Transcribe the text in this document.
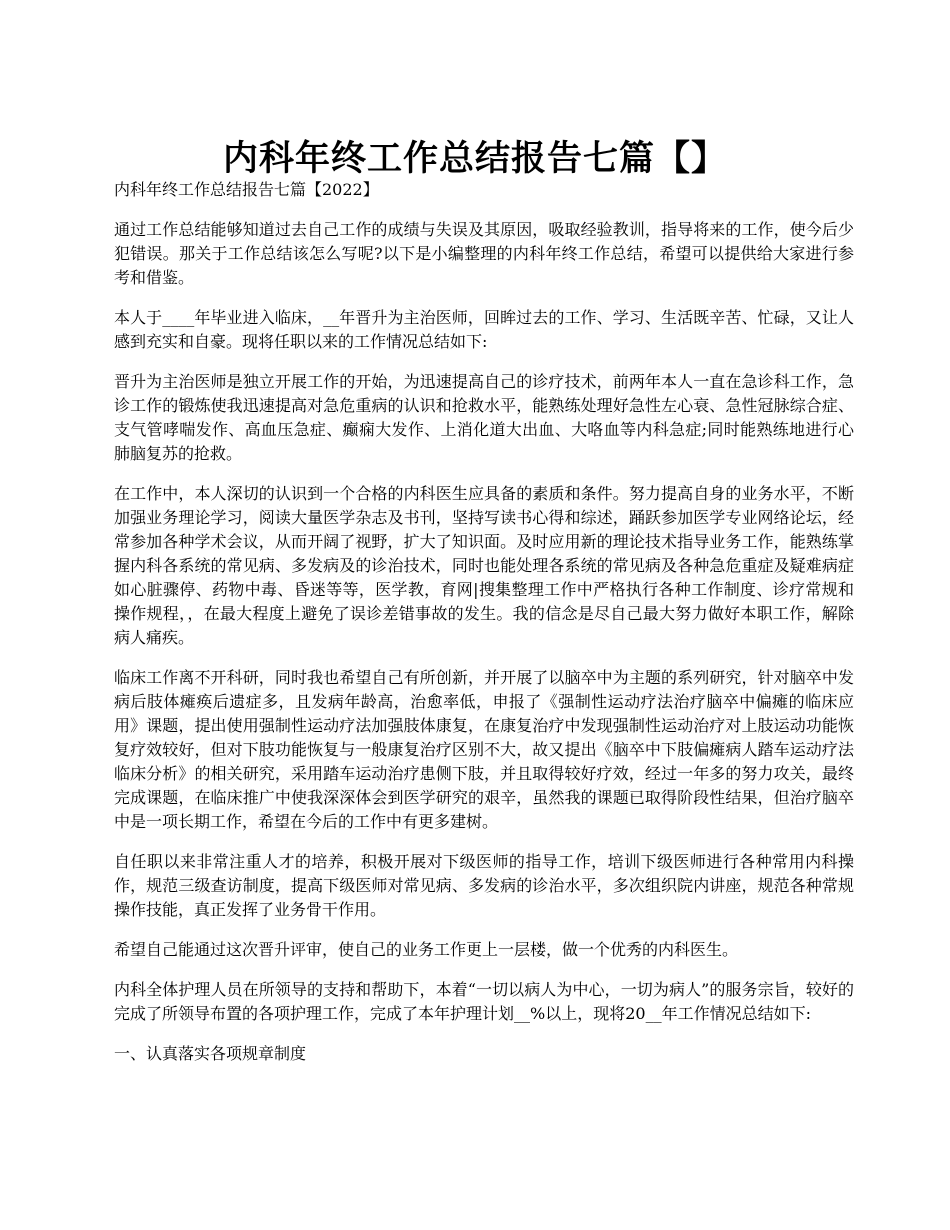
内科年终工作总结报告七篇【】

内科年终工作总结报告七篇【2022】

通过工作总结能够知道过去自己工作的成绩与失误及其原因，吸取经验教训，指导将来的工作，使今后少犯错误。那关于工作总结该怎么写呢?以下是小编整理的内科年终工作总结，希望可以提供给大家进行参考和借鉴。

本人于____年毕业进入临床，__年晋升为主治医师，回眸过去的工作、学习、生活既辛苦、忙碌，又让人感到充实和自豪。现将任职以来的工作情况总结如下:

晋升为主治医师是独立开展工作的开始，为迅速提高自己的诊疗技术，前两年本人一直在急诊科工作，急诊工作的锻炼使我迅速提高对急危重病的认识和抢救水平，能熟练处理好急性左心衰、急性冠脉综合症、支气管哮喘发作、高血压急症、癫痫大发作、上消化道大出血、大咯血等内科急症;同时能熟练地进行心肺脑复苏的抢救。

在工作中，本人深切的认识到一个合格的内科医生应具备的素质和条件。努力提高自身的业务水平，不断加强业务理论学习，阅读大量医学杂志及书刊，坚持写读书心得和综述，踊跃参加医学专业网络论坛，经常参加各种学术会议，从而开阔了视野，扩大了知识面。及时应用新的理论技术指导业务工作，能熟练掌握内科各系统的常见病、多发病及的诊治技术，同时也能处理各系统的常见病及各种急危重症及疑难病症如心脏骤停、药物中毒、昏迷等等，医学教，育网|搜集整理工作中严格执行各种工作制度、诊疗常规和操作规程，，在最大程度上避免了误诊差错事故的发生。我的信念是尽自己最大努力做好本职工作，解除病人痛疾。

临床工作离不开科研，同时我也希望自己有所创新，并开展了以脑卒中为主题的系列研究，针对脑卒中发病后肢体瘫痪后遗症多，且发病年龄高，治愈率低，申报了《强制性运动疗法治疗脑卒中偏瘫的临床应用》课题，提出使用强制性运动疗法加强肢体康复，在康复治疗中发现强制性运动治疗对上肢运动功能恢复疗效较好，但对下肢功能恢复与一般康复治疗区别不大，故又提出《脑卒中下肢偏瘫病人踏车运动疗法临床分析》的相关研究，采用踏车运动治疗患侧下肢，并且取得较好疗效，经过一年多的努力攻关，最终完成课题，在临床推广中使我深深体会到医学研究的艰辛，虽然我的课题已取得阶段性结果，但治疗脑卒中是一项长期工作，希望在今后的工作中有更多建树。

自任职以来非常注重人才的培养，积极开展对下级医师的指导工作，培训下级医师进行各种常用内科操作，规范三级查访制度，提高下级医师对常见病、多发病的诊治水平，多次组织院内讲座，规范各种常规操作技能，真正发挥了业务骨干作用。

希望自己能通过这次晋升评审，使自己的业务工作更上一层楼，做一个优秀的内科医生。

内科全体护理人员在所领导的支持和帮助下，本着“一切以病人为中心，一切为病人”的服务宗旨，较好的完成了所领导布置的各项护理工作，完成了本年护理计划__%以上，现将20__年工作情况总结如下:

一、认真落实各项规章制度
